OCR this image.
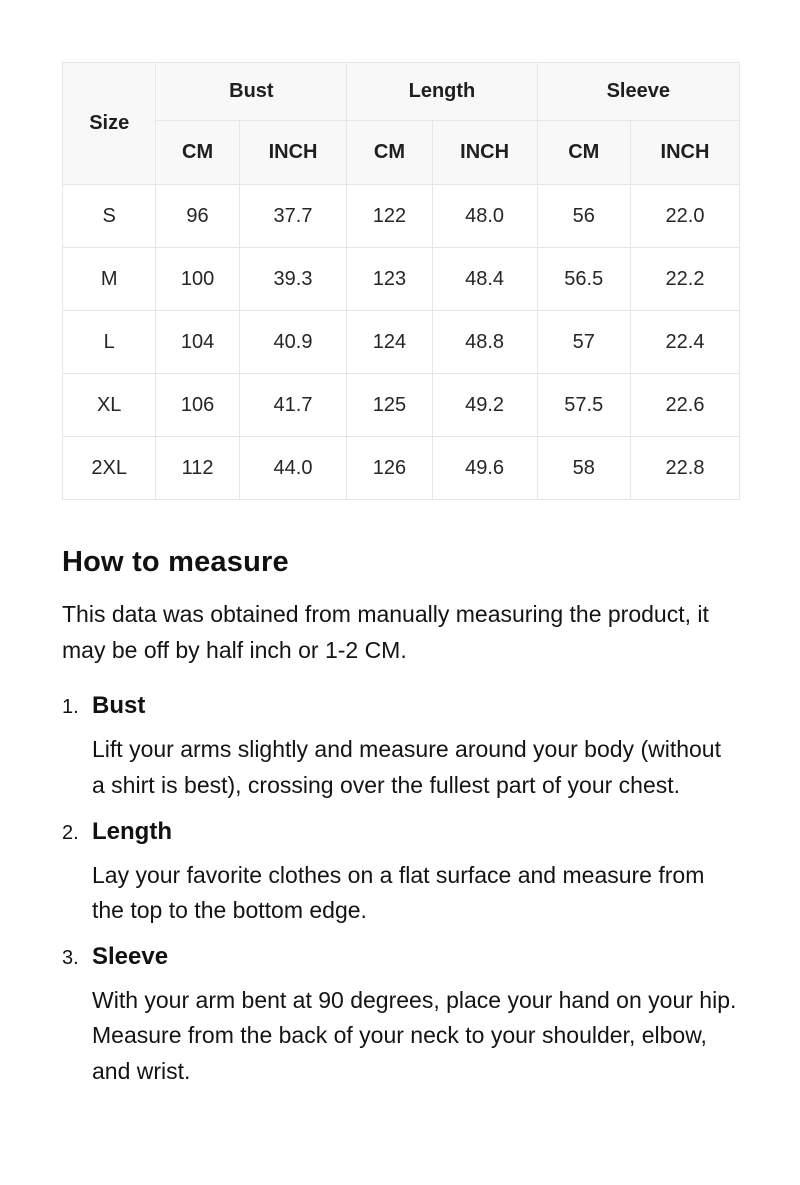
Size	Bust		Length		Sleeve	
	CM	INCH	CM	INCH	CM	INCH
S	96	37.7	122	48.0	56	22.0
M	100	39.3	123	48.4	56.5	22.2
L	104	40.9	124	48.8	57	22.4
XL	106	41.7	125	49.2	57.5	22.6
2XL	112	44.0	126	49.6	58	22.8
How to measure

This data was obtained from manually measuring the product, it may be off by half inch or 1-2 CM.

1. Bust
Lift your arms slightly and measure around your body (without a shirt is best), crossing over the fullest part of your chest.
2. Length
Lay your favorite clothes on a flat surface and measure from the top to the bottom edge.
3. Sleeve
With your arm bent at 90 degrees, place your hand on your hip. Measure from the back of your neck to your shoulder, elbow, and wrist.
